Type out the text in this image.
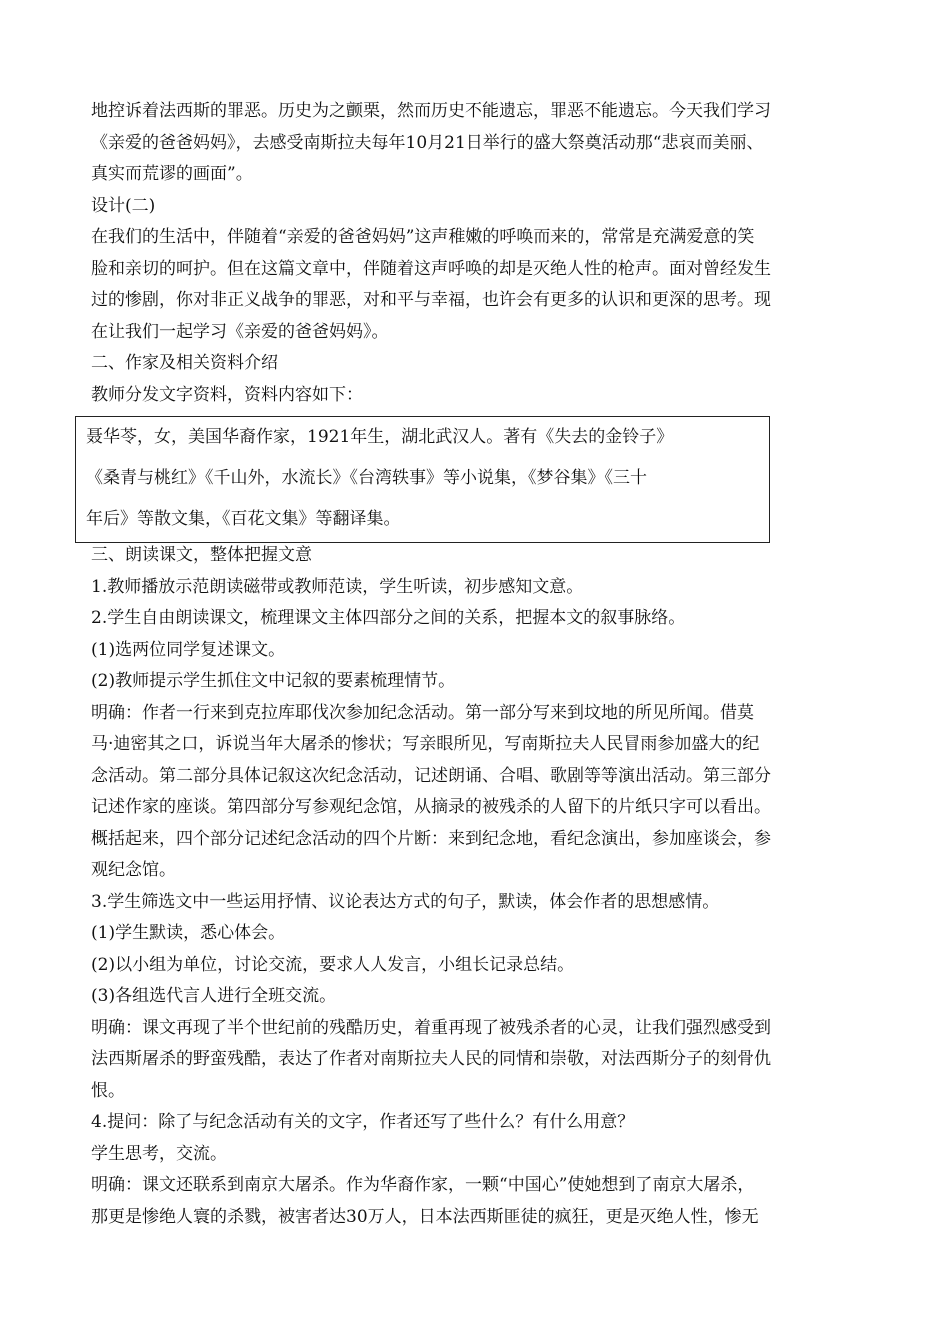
地控诉着法西斯的罪恶。历史为之颤栗，然而历史不能遗忘，罪恶不能遗忘。今天我们学习
《亲爱的爸爸妈妈》，去感受南斯拉夫每年10月21日举行的盛大祭奠活动那“悲哀而美丽、
真实而荒谬的画面”。
设计(二)
在我们的生活中，伴随着“亲爱的爸爸妈妈”这声稚嫩的呼唤而来的，常常是充满爱意的笑
脸和亲切的呵护。但在这篇文章中，伴随着这声呼唤的却是灭绝人性的枪声。面对曾经发生
过的惨剧，你对非正义战争的罪恶，对和平与幸福，也许会有更多的认识和更深的思考。现
在让我们一起学习《亲爱的爸爸妈妈》。
二、作家及相关资料介绍
教师分发文字资料，资料内容如下：
聂华苓，女，美国华裔作家，1921年生，湖北武汉人。著有《失去的金铃子》
《桑青与桃红》《千山外，水流长》《台湾轶事》等小说集，《梦谷集》《三十
年后》等散文集，《百花文集》等翻译集。
三、朗读课文，整体把握文意
1.教师播放示范朗读磁带或教师范读，学生听读，初步感知文意。
2.学生自由朗读课文，梳理课文主体四部分之间的关系，把握本文的叙事脉络。
(1)选两位同学复述课文。
(2)教师提示学生抓住文中记叙的要素梳理情节。
明确：作者一行来到克拉库耶伐次参加纪念活动。第一部分写来到坟地的所见所闻。借莫
马·迪密其之口，诉说当年大屠杀的惨状；写亲眼所见，写南斯拉夫人民冒雨参加盛大的纪
念活动。第二部分具体记叙这次纪念活动，记述朗诵、合唱、歌剧等等演出活动。第三部分
记述作家的座谈。第四部分写参观纪念馆，从摘录的被残杀的人留下的片纸只字可以看出。
概括起来，四个部分记述纪念活动的四个片断：来到纪念地，看纪念演出，参加座谈会，参
观纪念馆。
3.学生筛选文中一些运用抒情、议论表达方式的句子，默读，体会作者的思想感情。
(1)学生默读，悉心体会。
(2)以小组为单位，讨论交流，要求人人发言，小组长记录总结。
(3)各组选代言人进行全班交流。
明确：课文再现了半个世纪前的残酷历史，着重再现了被残杀者的心灵，让我们强烈感受到
法西斯屠杀的野蛮残酷，表达了作者对南斯拉夫人民的同情和崇敬，对法西斯分子的刻骨仇
恨。
4.提问：除了与纪念活动有关的文字，作者还写了些什么？有什么用意？
学生思考，交流。
明确：课文还联系到南京大屠杀。作为华裔作家，一颗“中国心”使她想到了南京大屠杀，
那更是惨绝人寰的杀戮，被害者达30万人，日本法西斯匪徒的疯狂，更是灭绝人性，惨无
